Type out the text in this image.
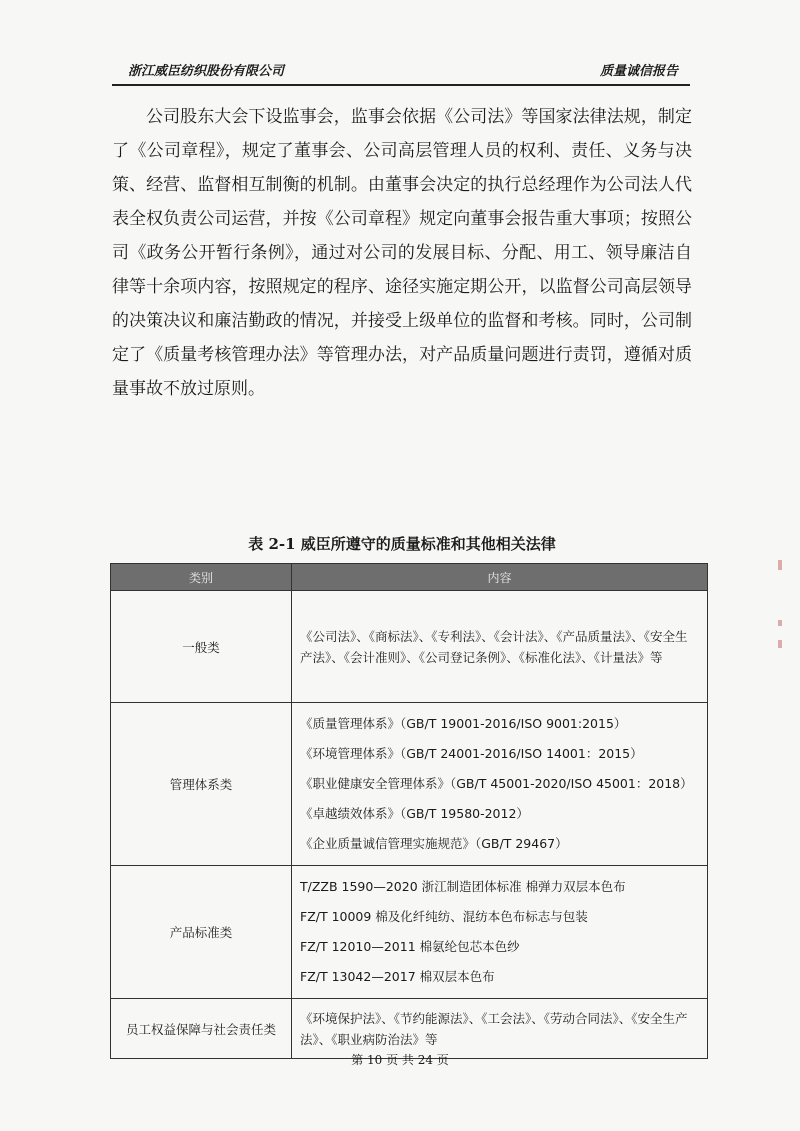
浙江威臣纺织股份有限公司	质量诚信报告

公司股东大会下设监事会，监事会依据《公司法》等国家法律法规，制定了《公司章程》，规定了董事会、公司高层管理人员的权利、责任、义务与决策、经营、监督相互制衡的机制。由董事会决定的执行总经理作为公司法人代表全权负责公司运营，并按《公司章程》规定向董事会报告重大事项；按照公司《政务公开暂行条例》，通过对公司的发展目标、分配、用工、领导廉洁自律等十余项内容，按照规定的程序、途径实施定期公开，以监督公司高层领导的决策决议和廉洁勤政的情况，并接受上级单位的监督和考核。同时，公司制定了《质量考核管理办法》等管理办法，对产品质量问题进行责罚，遵循对质量事故不放过原则。

表 2-1 威臣所遵守的质量标准和其他相关法律
类别	内容
一般类	《公司法》、《商标法》、《专利法》、《会计法》、《产品质量法》、《安全生产法》、《会计准则》、《公司登记条例》、《标准化法》、《计量法》等

管理体系类	《质量管理体系》（GB/T 19001-2016/ISO 9001:2015）
《环境管理体系》（GB/T 24001-2016/ISO 14001：2015）
《职业健康安全管理体系》（GB/T 45001-2020/ISO 45001：2018）
《卓越绩效体系》（GB/T 19580-2012）
《企业质量诚信管理实施规范》（GB/T 29467）

产品标准类	T/ZZB 1590—2020 浙江制造团体标准 棉弹力双层本色布
FZ/T 10009 棉及化纤纯纺、混纺本色布标志与包装
FZ/T 12010—2011 棉氨纶包芯本色纱
FZ/T 13042—2017 棉双层本色布

员工权益保障与社会责任类	《环境保护法》、《节约能源法》、《工会法》、《劳动合同法》、《安全生产法》、《职业病防治法》等
第 10 页 共 24 页
